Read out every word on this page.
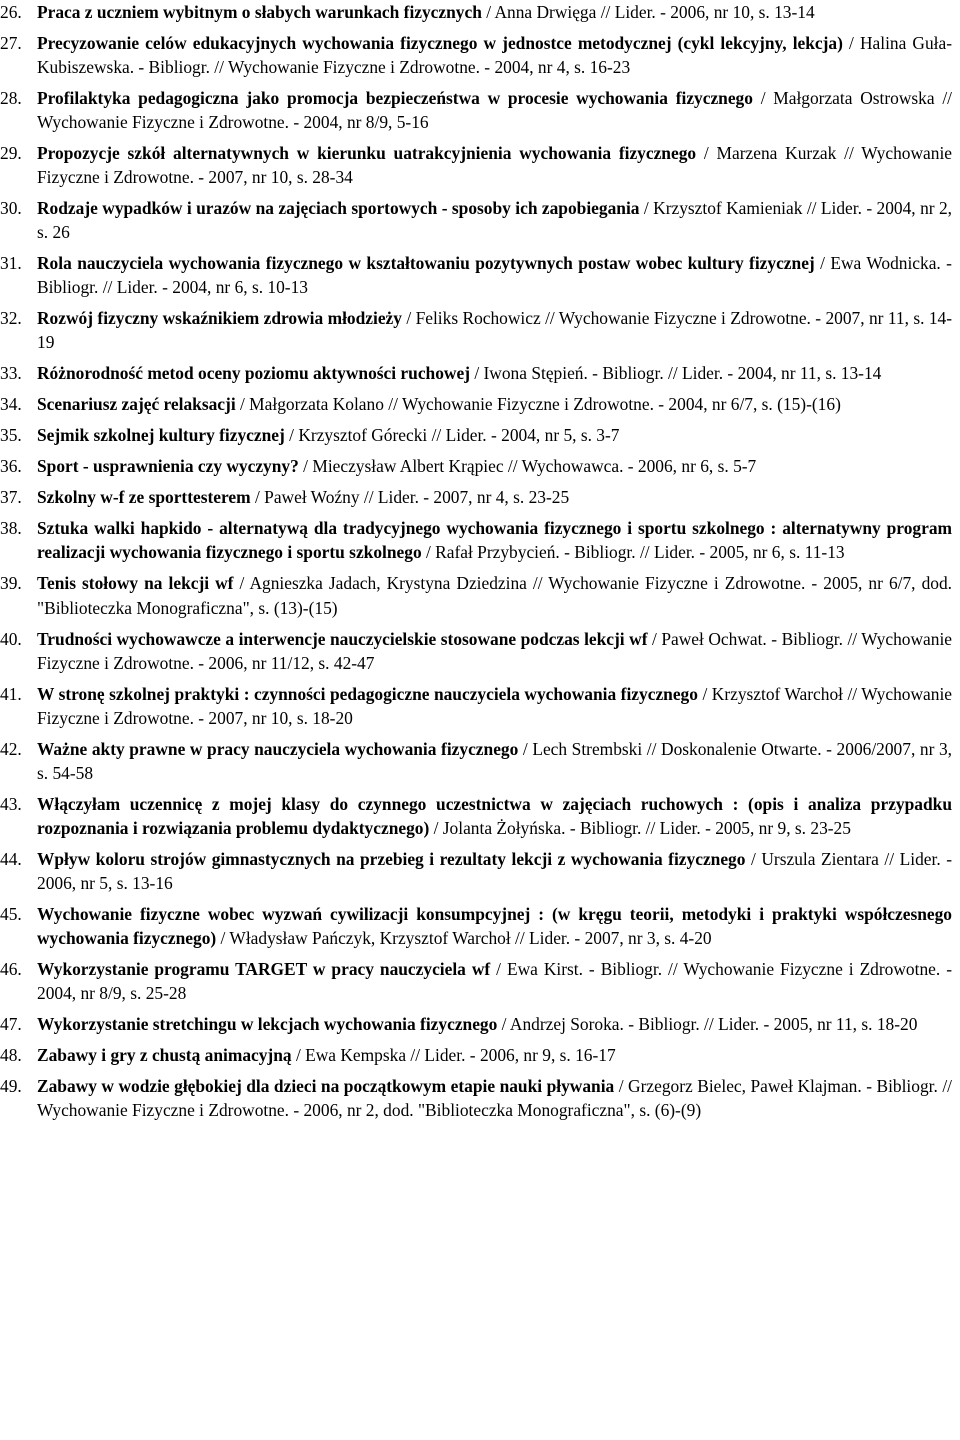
26. Praca z uczniem wybitnym o słabych warunkach fizycznych / Anna Drwięga // Lider. - 2006, nr 10, s. 13-14
27. Precyzowanie celów edukacyjnych wychowania fizycznego w jednostce metodycznej (cykl lekcyjny, lekcja) / Halina Guła-Kubiszewska. - Bibliogr. // Wychowanie Fizyczne i Zdrowotne. - 2004, nr 4, s. 16-23
28. Profilaktyka pedagogiczna jako promocja bezpieczeństwa w procesie wychowania fizycznego / Małgorzata Ostrowska // Wychowanie Fizyczne i Zdrowotne. - 2004, nr 8/9, 5-16
29. Propozycje szkół alternatywnych w kierunku uatrakcyjnienia wychowania fizycznego / Marzena Kurzak // Wychowanie Fizyczne i Zdrowotne. - 2007, nr 10, s. 28-34
30. Rodzaje wypadków i urazów na zajęciach sportowych - sposoby ich zapobiegania / Krzysztof Kamieniak // Lider. - 2004, nr 2, s. 26
31. Rola nauczyciela wychowania fizycznego w kształtowaniu pozytywnych postaw wobec kultury fizycznej / Ewa Wodnicka. - Bibliogr. // Lider. - 2004, nr 6, s. 10-13
32. Rozwój fizyczny wskaźnikiem zdrowia młodzieży / Feliks Rochowicz // Wychowanie Fizyczne i Zdrowotne. - 2007, nr 11, s. 14-19
33. Różnorodność metod oceny poziomu aktywności ruchowej / Iwona Stępień. - Bibliogr. // Lider. - 2004, nr 11, s. 13-14
34. Scenariusz zajęć relaksacji / Małgorzata Kolano // Wychowanie Fizyczne i Zdrowotne. - 2004, nr 6/7, s. (15)-(16)
35. Sejmik szkolnej kultury fizycznej / Krzysztof Górecki // Lider. - 2004, nr 5, s. 3-7
36. Sport - usprawnienia czy wyczyny? / Mieczysław Albert Krąpiec // Wychowawca. - 2006, nr 6, s. 5-7
37. Szkolny w-f ze sporttesterem / Paweł Woźny // Lider. - 2007, nr 4, s. 23-25
38. Sztuka walki hapkido - alternatywą dla tradycyjnego wychowania fizycznego i sportu szkolnego : alternatywny program realizacji wychowania fizycznego i sportu szkolnego / Rafał Przybycień. - Bibliogr. // Lider. - 2005, nr 6, s. 11-13
39. Tenis stołowy na lekcji wf / Agnieszka Jadach, Krystyna Dziedzina // Wychowanie Fizyczne i Zdrowotne. - 2005, nr 6/7, dod. "Biblioteczka Monograficzna", s. (13)-(15)
40. Trudności wychowawcze a interwencje nauczycielskie stosowane podczas lekcji wf / Paweł Ochwat. - Bibliogr. // Wychowanie Fizyczne i Zdrowotne. - 2006, nr 11/12, s. 42-47
41. W stronę szkolnej praktyki : czynności pedagogiczne nauczyciela wychowania fizycznego / Krzysztof Warchoł // Wychowanie Fizyczne i Zdrowotne. - 2007, nr 10, s. 18-20
42. Ważne akty prawne w pracy nauczyciela wychowania fizycznego / Lech Strembski // Doskonalenie Otwarte. - 2006/2007, nr 3, s. 54-58
43. Włączyłam uczennicę z mojej klasy do czynnego uczestnictwa w zajęciach ruchowych : (opis i analiza przypadku rozpoznania i rozwiązania problemu dydaktycznego) / Jolanta Żołyńska. - Bibliogr. // Lider. - 2005, nr 9, s. 23-25
44. Wpływ koloru strojów gimnastycznych na przebieg i rezultaty lekcji z wychowania fizycznego / Urszula Zientara // Lider. - 2006, nr 5, s. 13-16
45. Wychowanie fizyczne wobec wyzwań cywilizacji konsumpcyjnej : (w kręgu teorii, metodyki i praktyki współczesnego wychowania fizycznego) / Władysław Pańczyk, Krzysztof Warchoł // Lider. - 2007, nr 3, s. 4-20
46. Wykorzystanie programu TARGET w pracy nauczyciela wf / Ewa Kirst. - Bibliogr. // Wychowanie Fizyczne i Zdrowotne. - 2004, nr 8/9, s. 25-28
47. Wykorzystanie stretchingu w lekcjach wychowania fizycznego / Andrzej Soroka. - Bibliogr. // Lider. - 2005, nr 11, s. 18-20
48. Zabawy i gry z chustą animacyjną / Ewa Kempska // Lider. - 2006, nr 9, s. 16-17
49. Zabawy w wodzie głębokiej dla dzieci na początkowym etapie nauki pływania / Grzegorz Bielec, Paweł Klajman. - Bibliogr. // Wychowanie Fizyczne i Zdrowotne. - 2006, nr 2, dod. "Biblioteczka Monograficzna", s. (6)-(9)
